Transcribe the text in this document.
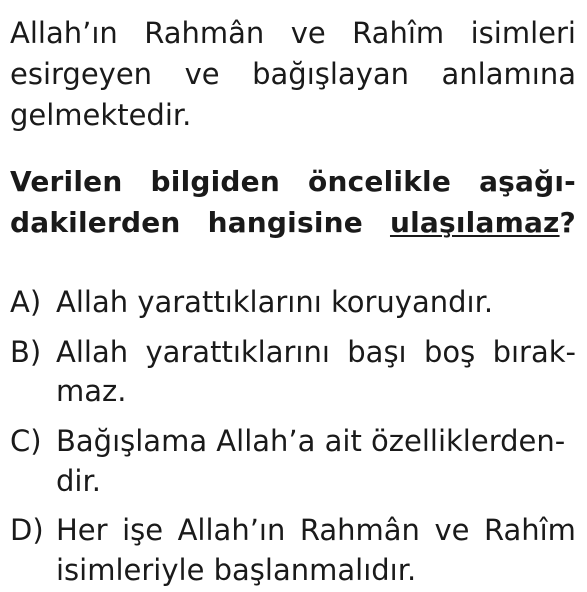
Allah’ın Rahmân ve Rahîm isimleri
esirgeyen ve bağışlayan anlamına
gelmektedir.
Verilen bilgiden öncelikle aşağı-
dakilerden hangisine ulaşılamaz?
A) Allah yarattıklarını koruyandır.
B) Allah yarattıklarını başı boş bırak-
maz.
C) Bağışlama Allah’a ait özelliklerden-
dir.
D) Her işe Allah’ın Rahmân ve Rahîm
isimleriyle başlanmalıdır.
